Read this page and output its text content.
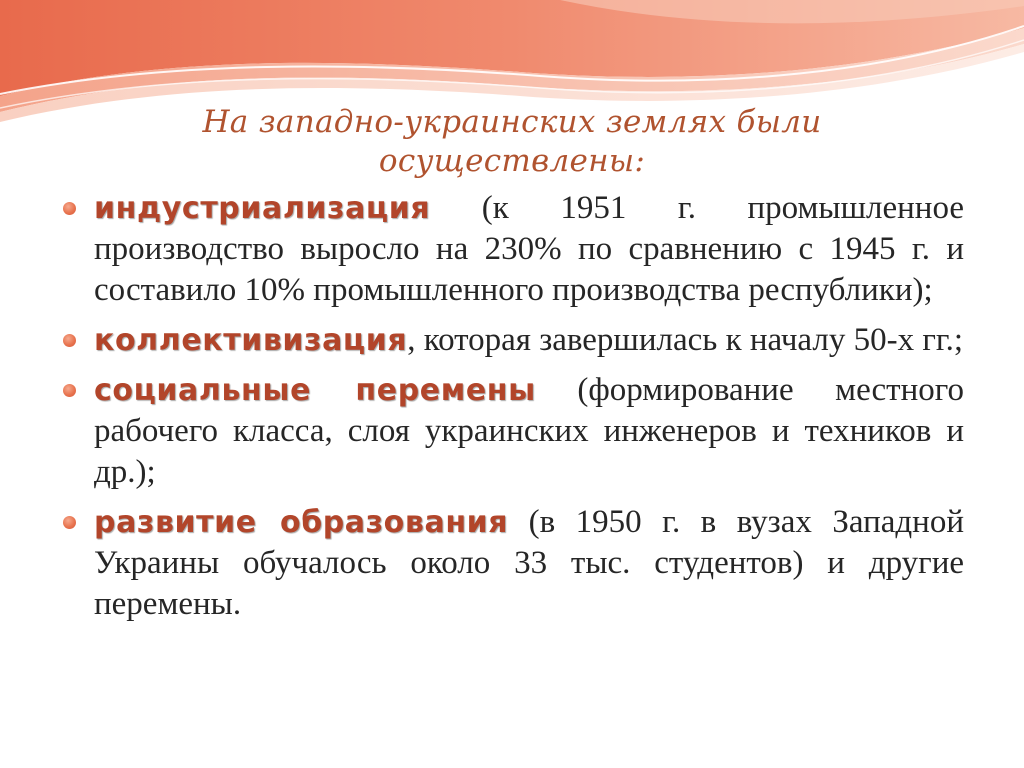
На западно-украинских землях были осуществлены:
индустриализация (к 1951 г. промышленное производство выросло на 230% по сравнению с 1945 г. и составило 10% промышленного производства республики);
коллективизация, которая завершилась к началу 50-х гг.;
социальные перемены (формирование местного рабочего класса, слоя украинских инженеров и техников и др.);
развитие образования (в 1950 г. в вузах Западной Украины обучалось около 33 тыс. студентов) и другие перемены.
